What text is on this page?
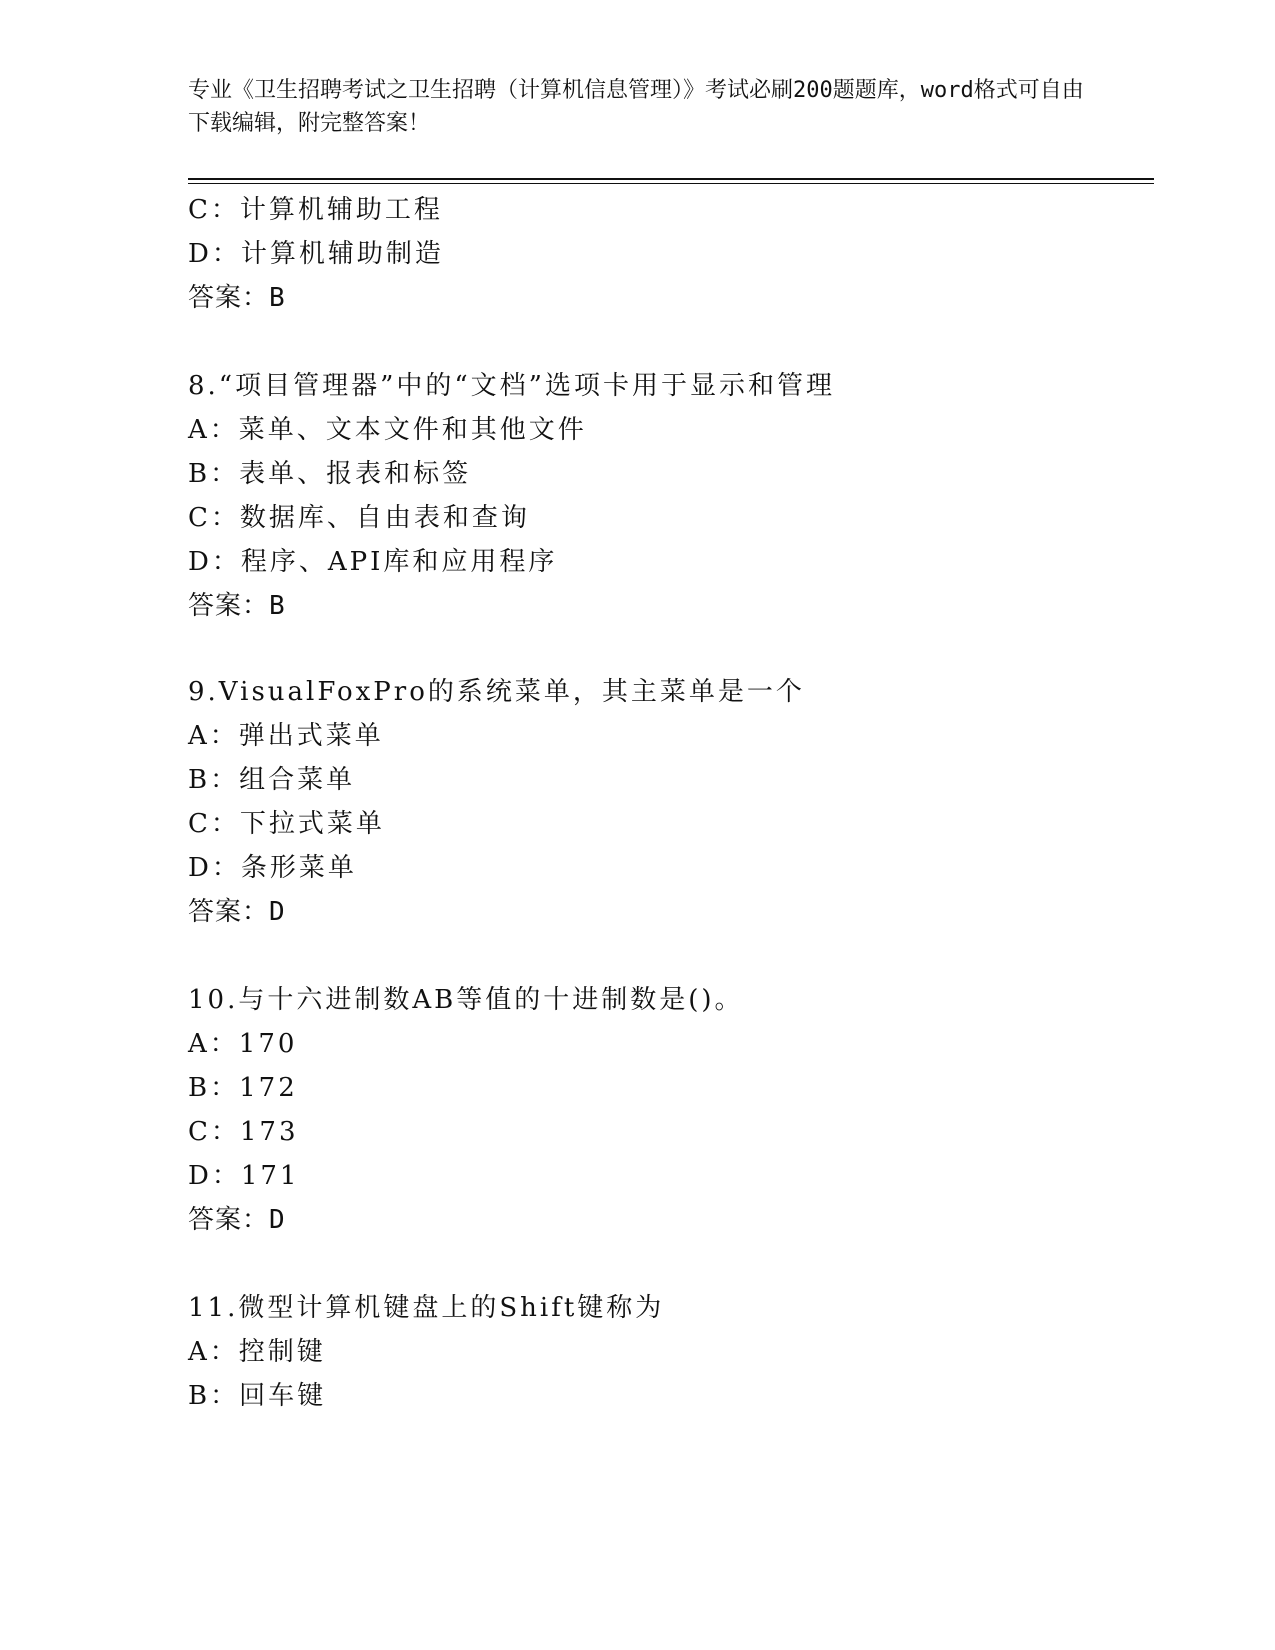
专业《卫生招聘考试之卫生招聘（计算机信息管理）》考试必刷200题题库，word格式可自由下载编辑，附完整答案！
C：计算机辅助工程
D：计算机辅助制造
答案：B
8.“项目管理器”中的“文档”选项卡用于显示和管理
A：菜单、文本文件和其他文件
B：表单、报表和标签
C：数据库、自由表和查询
D：程序、API库和应用程序
答案：B
9.VisualFoxPro的系统菜单，其主菜单是一个
A：弹出式菜单
B：组合菜单
C：下拉式菜单
D：条形菜单
答案：D
10.与十六进制数AB等值的十进制数是()。
A：170
B：172
C：173
D：171
答案：D
11.微型计算机键盘上的Shift键称为
A：控制键
B：回车键
